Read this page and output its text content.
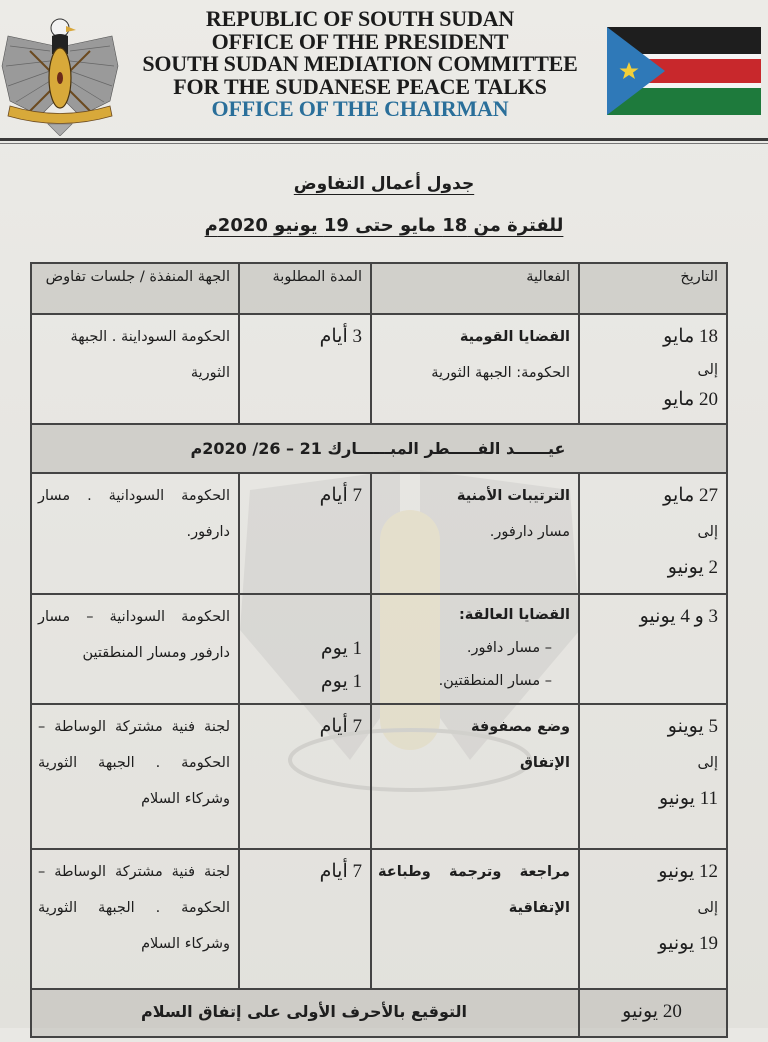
REPUBLIC OF SOUTH SUDAN
OFFICE OF THE PRESIDENT
SOUTH SUDAN MEDIATION COMMITTEE
FOR THE SUDANESE PEACE TALKS
OFFICE OF THE CHAIRMAN
جدول أعمال التفاوض
للفترة من 18 مايو حتى 19 يونيو 2020م
التاريخ
الفعالية
المدة المطلوبة
الجهة المنفذة / جلسات تفاوض
18 مايو
إلى
20 مايو
القضايا القومية
الحكومة: الجبهة الثورية
3 أيام
الحكومة السوداينة . الجبهة الثورية
عيــــــد الفـــــطر المبــــــارك 21 – 26/ 2020م
27 مايو
إلى
2 يونيو
الترتيبات الأمنية
مسار دارفور.
7 أيام
الحكومة السودانية . مسار دارفور.
3 و 4 يونيو
القضايا العالقة:
– مسار دافور.
– مسار المنطقتين.

1 يوم
1 يوم
الحكومة السودانية – مسار دارفور ومسار المنطقتين
5 يوينو
إلى
11 يونيو
وضع مصفوفة الإتفاق
7 أيام
لجنة فنية مشتركة الوساطة – الحكومة . الجبهة الثورية وشركاء السلام
12 يونيو
إلى
19 يونيو
مراجعة وترجمة وطباعة الإتفاقية
7 أيام
لجنة فنية مشتركة الوساطة – الحكومة . الجبهة الثورية وشركاء السلام
20 يونيو
التوقيع بالأحرف الأولى على إتفاق السلام
